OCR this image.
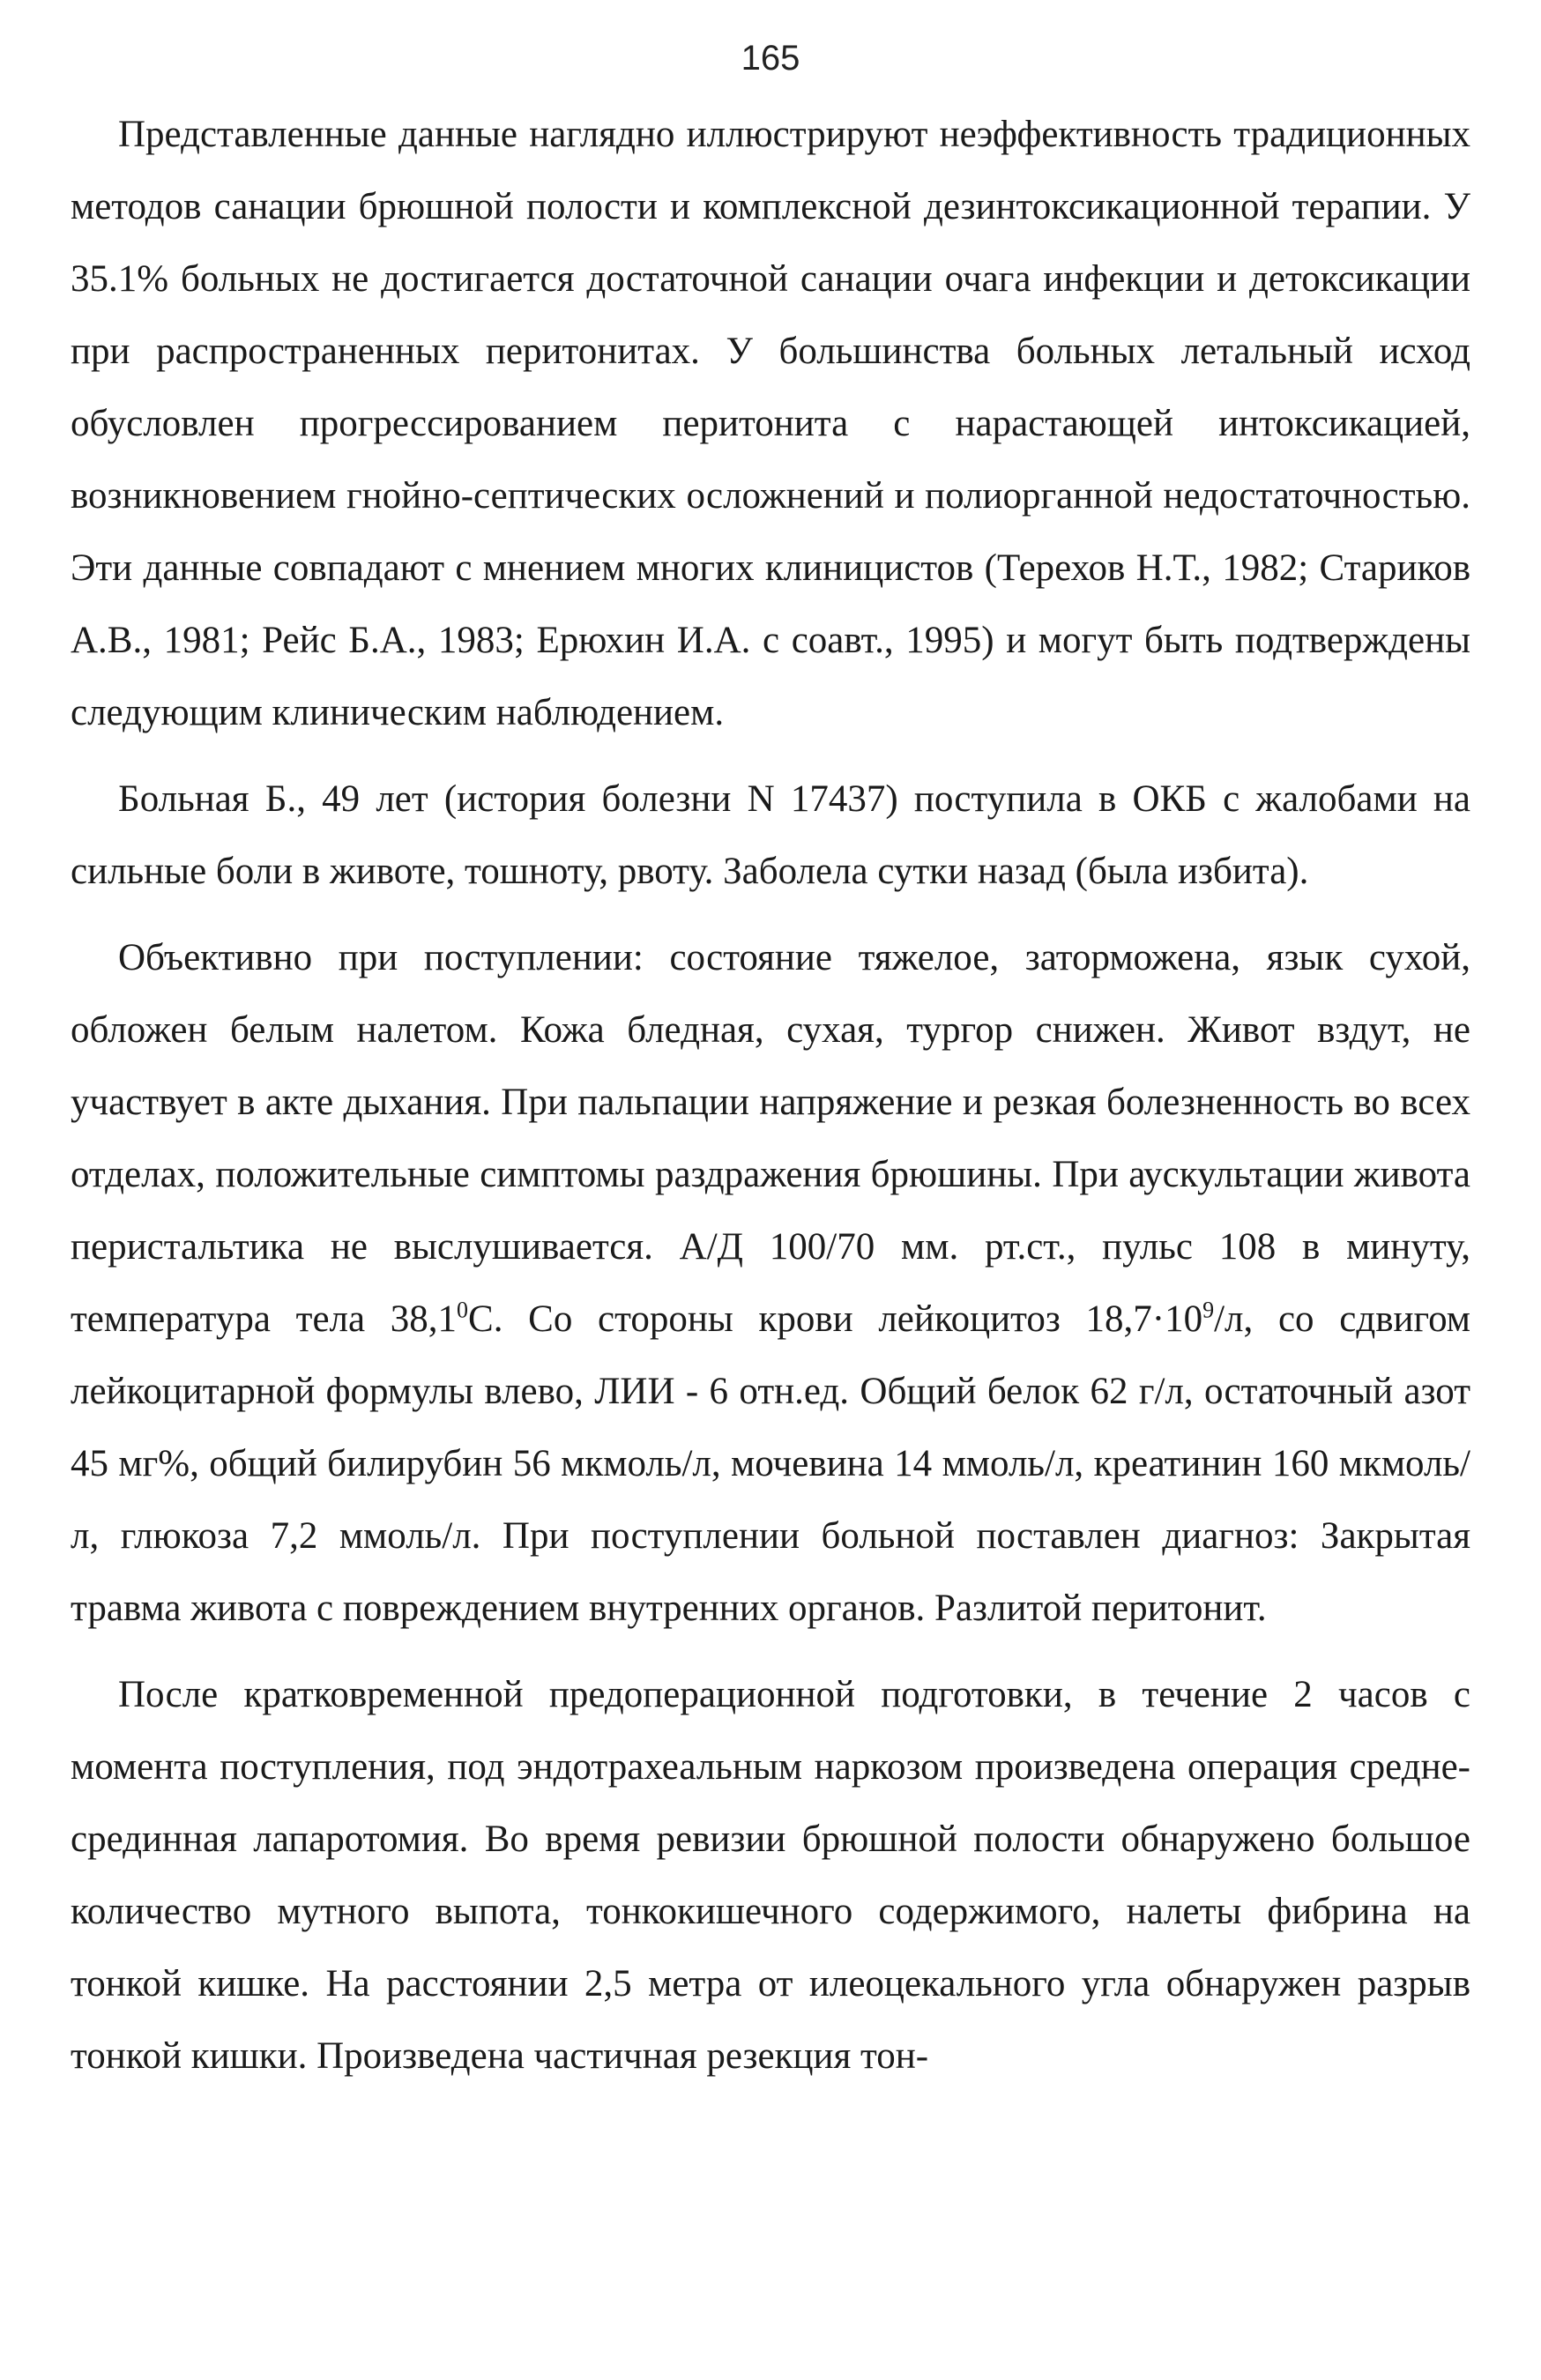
165

Представленные данные наглядно иллюстрируют неэффективность традиционных методов санации брюшной полости и комплексной дезинтоксикационной терапии. У 35.1% больных не достигается достаточной санации очага инфекции и детоксикации при распространенных перитонитах. У большинства больных летальный исход обусловлен прогрессированием перитонита с нарастающей интоксикацией, возникновением гнойно-септических осложнений и полиорганной недостаточностью. Эти данные совпадают с мнением многих клиницистов (Терехов Н.Т., 1982; Стариков А.В., 1981; Рейс Б.А., 1983; Ерюхин И.А. с соавт., 1995) и могут быть подтверждены следующим клиническим наблюдением.

Больная Б., 49 лет (история болезни N 17437) поступила в ОКБ с жалобами на сильные боли в животе, тошноту, рвоту. Заболела сутки назад (была избита).

Объективно при поступлении: состояние тяжелое, заторможена, язык сухой, обложен белым налетом. Кожа бледная, сухая, тургор снижен. Живот вздут, не участвует в акте дыхания. При пальпации напряжение и резкая болезненность во всех отделах, положительные симптомы раздражения брюшины. При аускультации живота перистальтика не выслушивается. А/Д 100/70 мм. рт.ст., пульс 108 в минуту, температура тела 38,1$^0$С. Со стороны крови лейкоцитоз $18,7\cdot 10^9/л$, со сдвигом лейкоцитарной формулы влево, ЛИИ - 6 отн.ед. Общий белок 62 г/л, остаточный азот 45 мг%, общий билирубин 56 мкмоль/л, мочевина 14 ммоль/л, креатинин 160 мкмоль/л, глюкоза 7,2 ммоль/л. При поступлении больной поставлен диагноз: Закрытая травма живота с повреждением внутренних органов. Разлитой перитонит.

После кратковременной предоперационной подготовки, в течение 2 часов с момента поступления, под эндотрахеальным наркозом произведена операция средне-срединная лапаротомия. Во время ревизии брюшной полости обнаружено большое количество мутного выпота, тонкокишечного содержимого, налеты фибрина на тонкой кишке. На расстоянии 2,5 метра от илеоцекального угла обнаружен разрыв тонкой кишки. Произведена частичная резекция тон-
